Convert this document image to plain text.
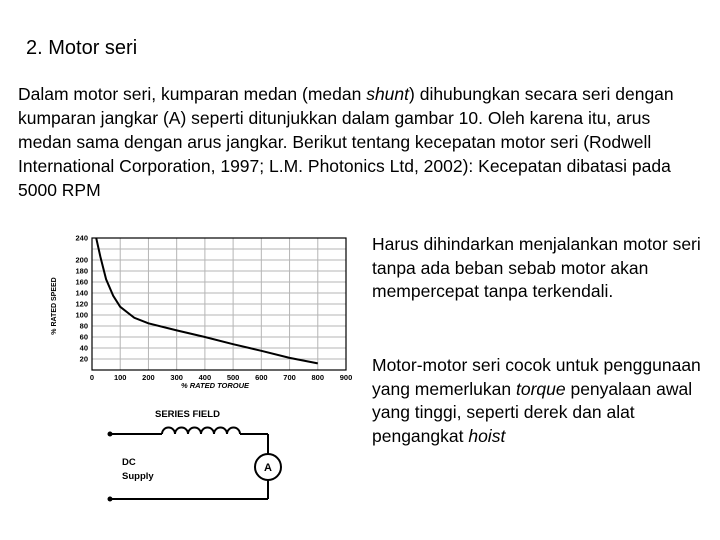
2. Motor seri

Dalam motor seri, kumparan medan (medan shunt) dihubungkan secara seri dengan kumparan jangkar (A) seperti ditunjukkan dalam gambar 10. Oleh karena itu, arus medan sama dengan arus jangkar. Berikut tentang kecepatan motor seri (Rodwell International Corporation, 1997; L.M. Photonics Ltd, 2002): Kecepatan dibatasi pada 5000 RPM

20
40
60
80
100
120
140
160
180
200
240
0	100 200 300 400 500 600 700 800 900
% RATED SPEED
% RATED TORQUE
SERIES FIELD
A
DC
Supply

Harus dihindarkan menjalankan motor seri tanpa ada beban sebab motor akan mempercepat tanpa terkendali.

Motor-motor seri cocok untuk penggunaan yang memerlukan torque penyalaan awal yang tinggi, seperti derek dan alat pengangkat hoist
